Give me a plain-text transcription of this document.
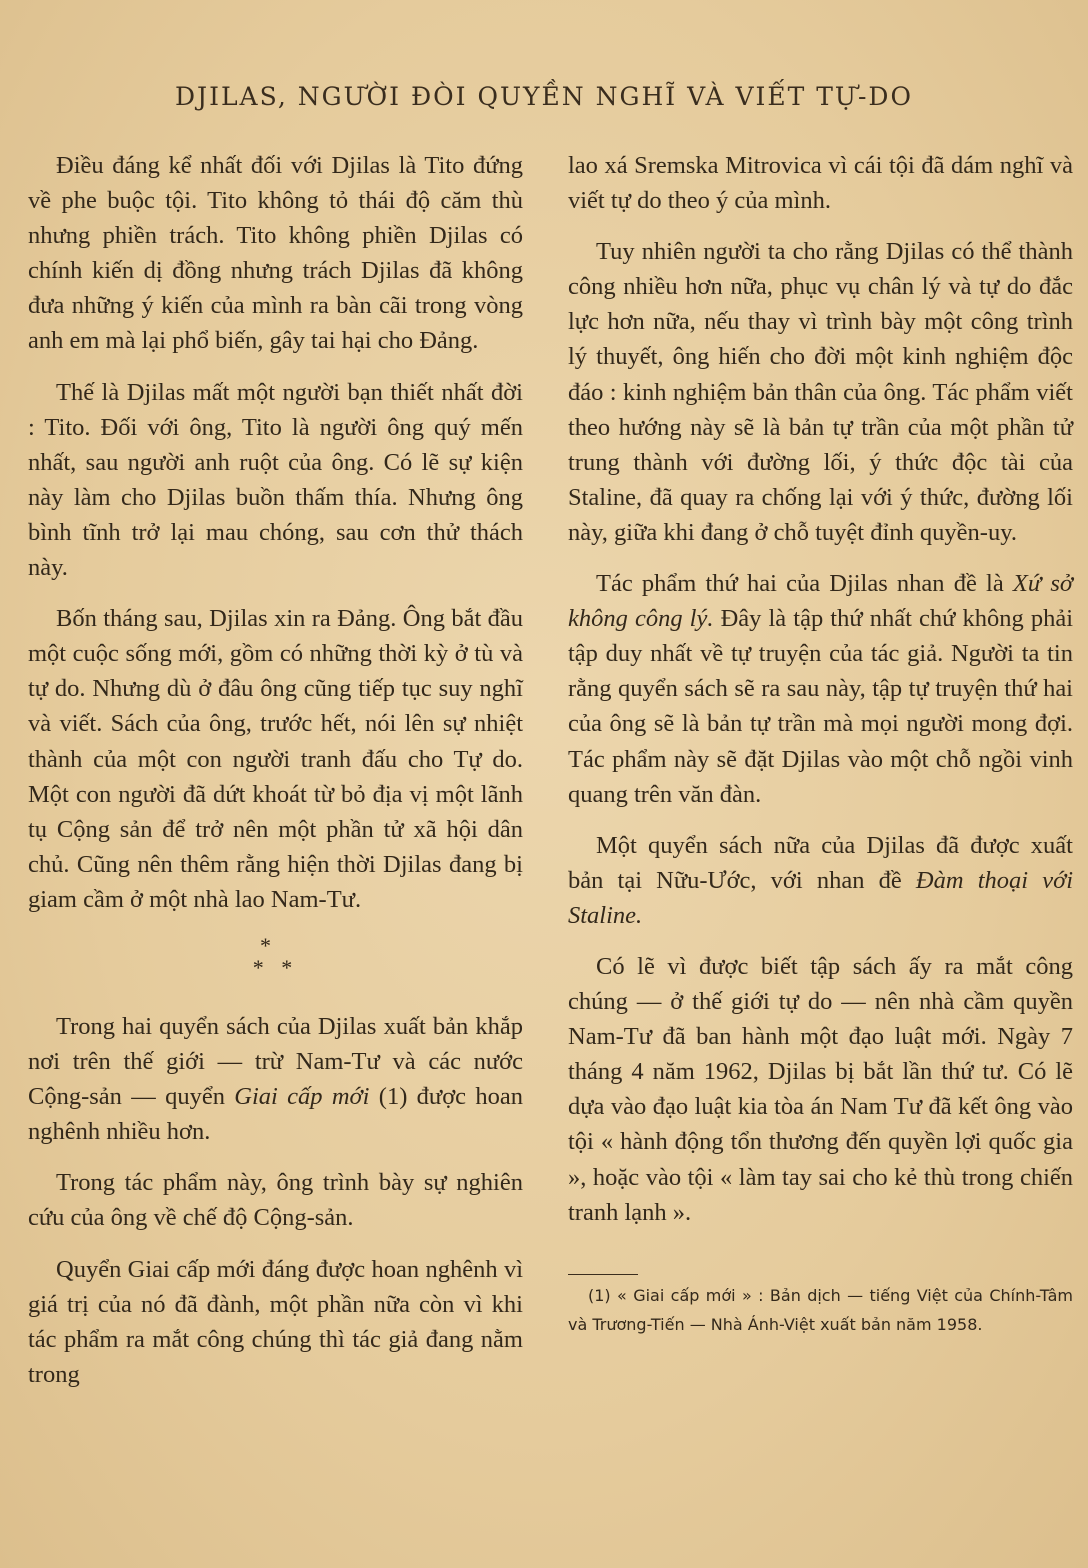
DJILAS, NGƯỜI ĐÒI QUYỀN NGHĨ VÀ VIẾT TỰ-DO

Điều đáng kể nhất đối với Djilas là Tito đứng về phe buộc tội. Tito không tỏ thái độ căm thù nhưng phiền trách. Tito không phiền Djilas có chính kiến dị đồng nhưng trách Djilas đã không đưa những ý kiến của mình ra bàn cãi trong vòng anh em mà lại phổ biến, gây tai hại cho Đảng.

Thế là Djilas mất một người bạn thiết nhất đời : Tito. Đối với ông, Tito là người ông quý mến nhất, sau người anh ruột của ông. Có lẽ sự kiện này làm cho Djilas buồn thấm thía. Nhưng ông bình tĩnh trở lại mau chóng, sau cơn thử thách này.

Bốn tháng sau, Djilas xin ra Đảng. Ông bắt đầu một cuộc sống mới, gồm có những thời kỳ ở tù và tự do. Nhưng dù ở đâu ông cũng tiếp tục suy nghĩ và viết. Sách của ông, trước hết, nói lên sự nhiệt thành của một con người tranh đấu cho Tự do. Một con người đã dứt khoát từ bỏ địa vị một lãnh tụ Cộng sản để trở nên một phần tử xã hội dân chủ. Cũng nên thêm rằng hiện thời Djilas đang bị giam cầm ở một nhà lao Nam-Tư.

*
* *

Trong hai quyển sách của Djilas xuất bản khắp nơi trên thế giới — trừ Nam-Tư và các nước Cộng-sản — quyển Giai cấp mới (1) được hoan nghênh nhiều hơn.

Trong tác phẩm này, ông trình bày sự nghiên cứu của ông về chế độ Cộng-sản.

Quyển Giai cấp mới đáng được hoan nghênh vì giá trị của nó đã đành, một phần nữa còn vì khi tác phẩm ra mắt công chúng thì tác giả đang nằm trong

lao xá Sremska Mitrovica vì cái tội đã dám nghĩ và viết tự do theo ý của mình.

Tuy nhiên người ta cho rằng Djilas có thể thành công nhiều hơn nữa, phục vụ chân lý và tự do đắc lực hơn nữa, nếu thay vì trình bày một công trình lý thuyết, ông hiến cho đời một kinh nghiệm độc đáo : kinh nghiệm bản thân của ông. Tác phẩm viết theo hướng này sẽ là bản tự trần của một phần tử trung thành với đường lối, ý thức độc tài của Staline, đã quay ra chống lại với ý thức, đường lối này, giữa khi đang ở chỗ tuyệt đỉnh quyền-uy.

Tác phẩm thứ hai của Djilas nhan đề là Xứ sở không công lý. Đây là tập thứ nhất chứ không phải tập duy nhất về tự truyện của tác giả. Người ta tin rằng quyển sách sẽ ra sau này, tập tự truyện thứ hai của ông sẽ là bản tự trần mà mọi người mong đợi. Tác phẩm này sẽ đặt Djilas vào một chỗ ngồi vinh quang trên văn đàn.

Một quyển sách nữa của Djilas đã được xuất bản tại Nữu-Ước, với nhan đề Đàm thoại với Staline.

Có lẽ vì được biết tập sách ấy ra mắt công chúng — ở thế giới tự do — nên nhà cầm quyền Nam-Tư đã ban hành một đạo luật mới. Ngày 7 tháng 4 năm 1962, Djilas bị bắt lần thứ tư. Có lẽ dựa vào đạo luật kia tòa án Nam Tư đã kết ông vào tội « hành động tổn thương đến quyền lợi quốc gia », hoặc vào tội « làm tay sai cho kẻ thù trong chiến tranh lạnh ».

(1) « Giai cấp mới » : Bản dịch — tiếng Việt của Chính-Tâm và Trương-Tiến — Nhà Ánh-Việt xuất bản năm 1958.
